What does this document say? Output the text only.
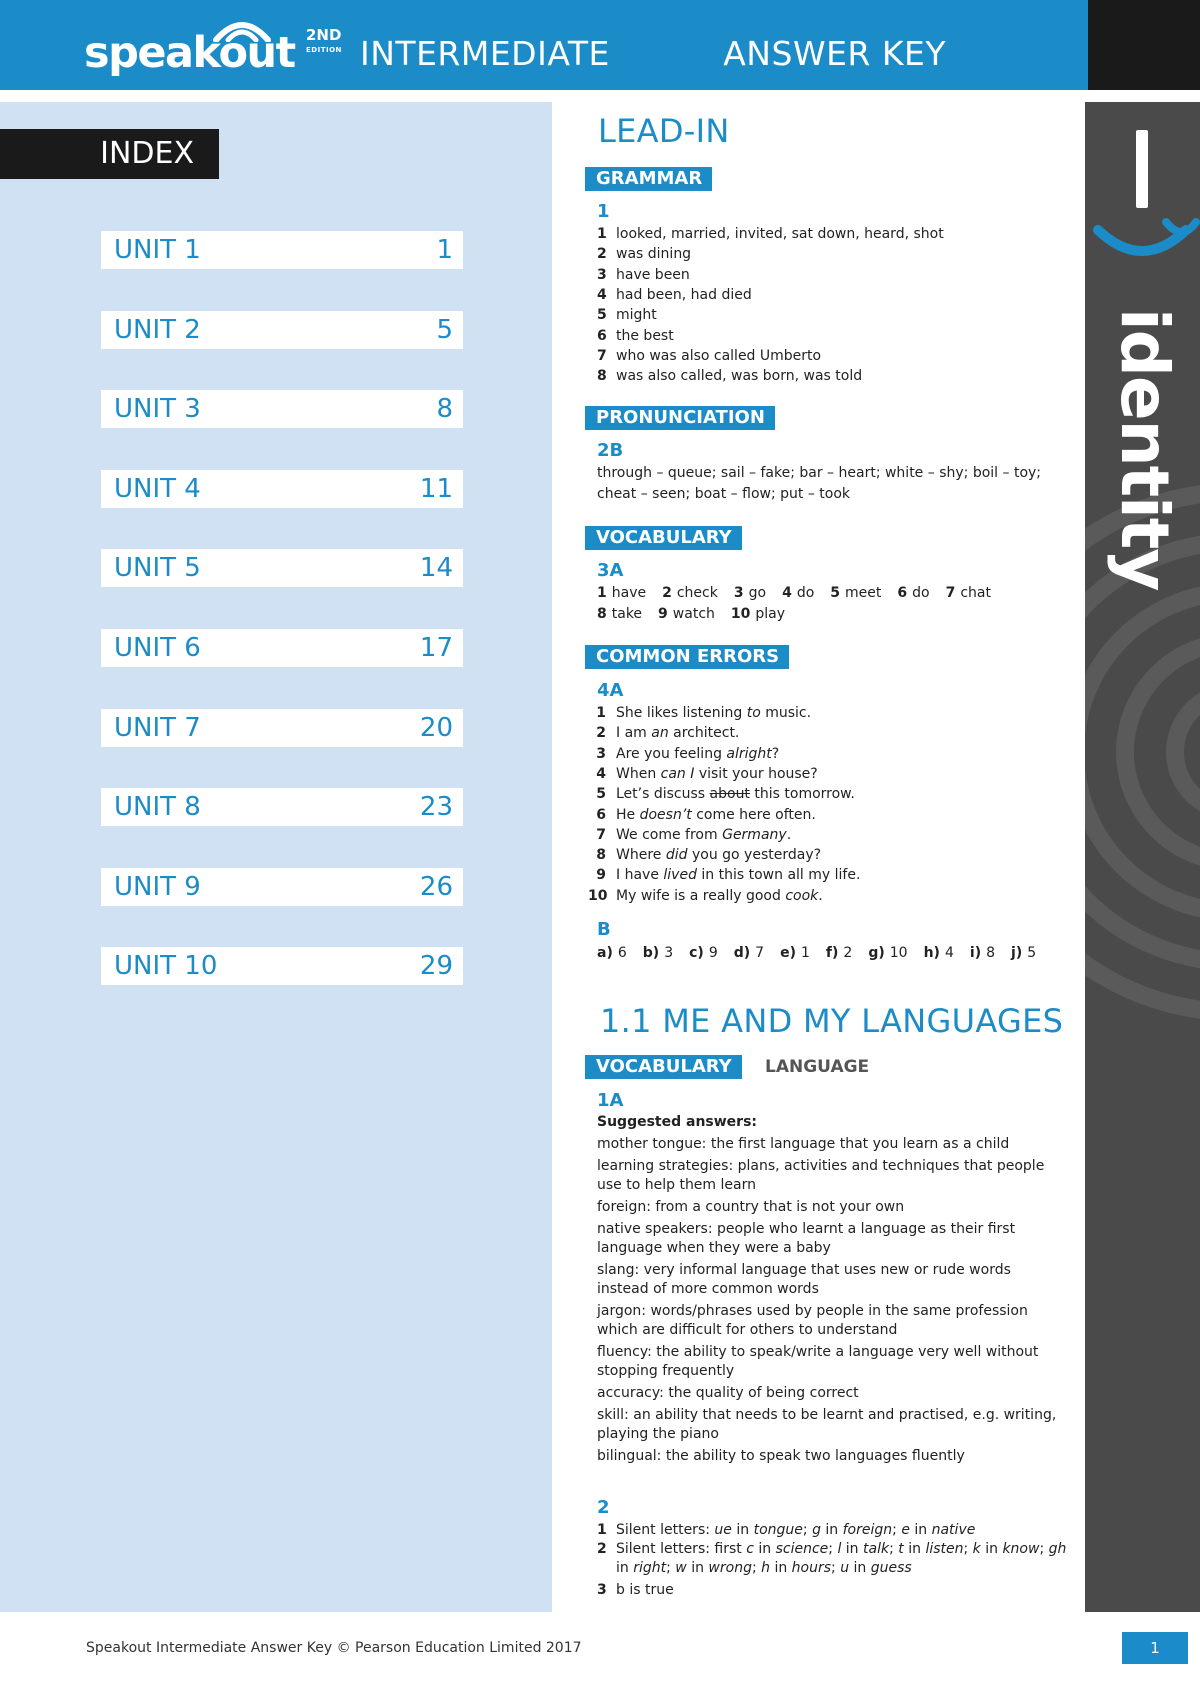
speakout 2ND
EDITION INTERMEDIATE	ANSWER KEY
INDEX
UNIT 1	1
UNIT 2	5
UNIT 3	8
UNIT 4	11
UNIT 5	14
UNIT 6	17
UNIT 7	20
UNIT 8	23
UNIT 9	26
UNIT 10	29
identity
LEAD-IN
GRAMMAR
1
1 looked, married, invited, sat down, heard, shot
2 was dining
3 have been
4 had been, had died
5 might
6 the best
7 who was also called Umberto
8 was also called, was born, was told
PRONUNCIATION
2B
through – queue; sail – fake; bar – heart; white – shy; boil – toy;
cheat – seen; boat – flow; put – took
VOCABULARY
3A
1 have 2 check 3 go 4 do 5 meet 6 do 7 chat
8 take 9 watch 10 play
COMMON ERRORS
4A
1 She likes listening to music.
2 I am an architect.
3 Are you feeling alright?
4 When can I visit your house?
5 Let’s discuss about this tomorrow.
6 He doesn’t come here often.
7 We come from Germany.
8 Where did you go yesterday?
9 I have lived in this town all my life.
10 My wife is a really good cook.
B
a) 6 b) 3 c) 9 d) 7 e) 1 f) 2 g) 10 h) 4 i) 8 j) 5
1.1 ME AND MY LANGUAGES
VOCABULARY	LANGUAGE
1A
Suggested answers:
mother tongue: the first language that you learn as a child
learning strategies: plans, activities and techniques that people use to help them learn
foreign: from a country that is not your own
native speakers: people who learnt a language as their first language when they were a baby
slang: very informal language that uses new or rude words instead of more common words
jargon: words/phrases used by people in the same profession which are difficult for others to understand
fluency: the ability to speak/write a language very well without stopping frequently
accuracy: the quality of being correct
skill: an ability that needs to be learnt and practised, e.g. writing, playing the piano
bilingual: the ability to speak two languages fluently
2
1 Silent letters: ue in tongue; g in foreign; e in native
2 Silent letters: first c in science; l in talk; t in listen; k in know; gh
in right; w in wrong; h in hours; u in guess
3 b is true
Speakout Intermediate Answer Key © Pearson Education Limited 2017	1
